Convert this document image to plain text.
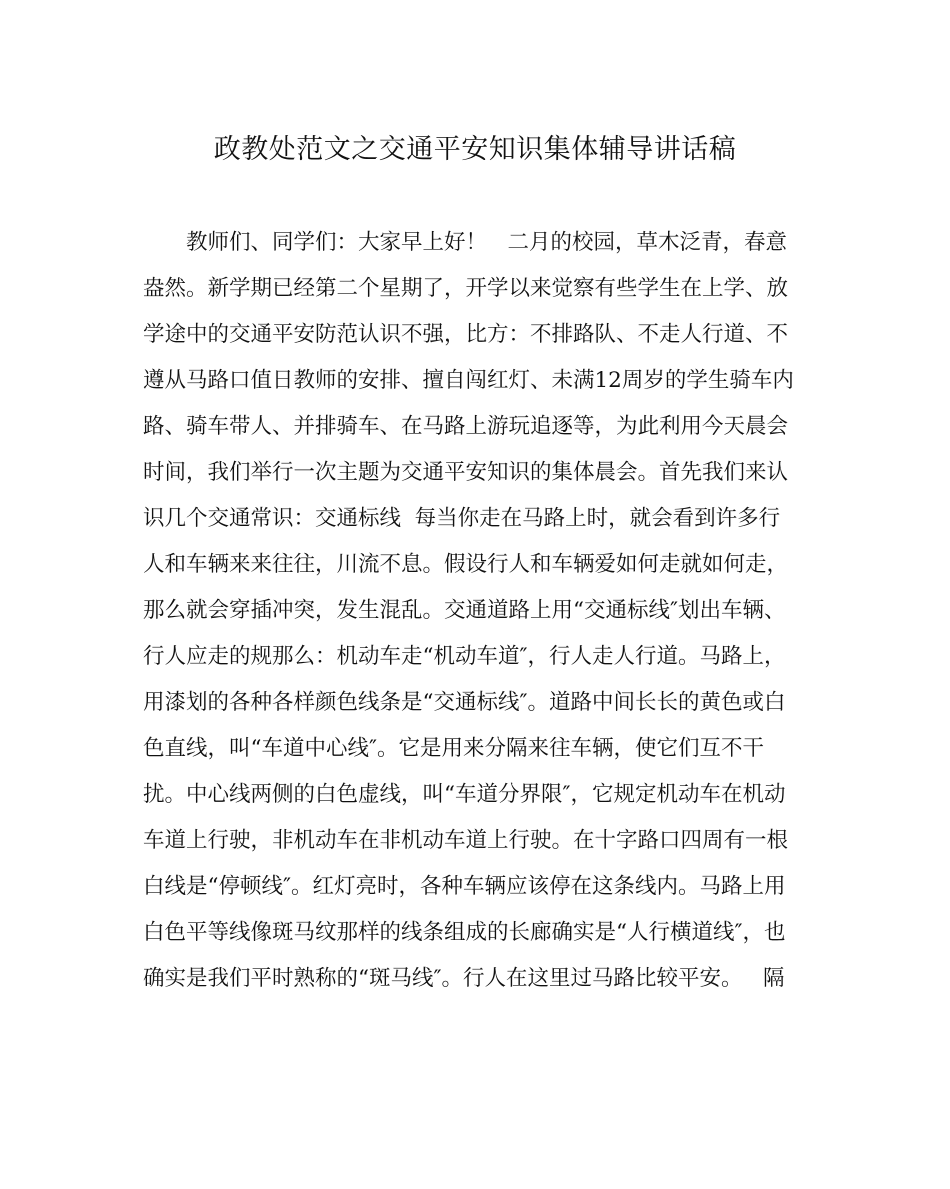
政教处范文之交通平安知识集体辅导讲话稿
教师们、同学们：大家早上好！   二月的校园，草木泛青，春意
盎然。新学期已经第二个星期了，开学以来觉察有些学生在上学、放
学途中的交通平安防范认识不强，比方：不排路队、不走人行道、不
遵从马路口值日教师的安排、擅自闯红灯、未满12周岁的学生骑车内
路、骑车带人、并排骑车、在马路上游玩追逐等，为此利用今天晨会
时间，我们举行一次主题为交通平安知识的集体晨会。首先我们来认
识几个交通常识：交通标线  每当你走在马路上时，就会看到许多行
人和车辆来来往往，川流不息。假设行人和车辆爱如何走就如何走，
那么就会穿插冲突，发生混乱。交通道路上用“交通标线″划出车辆、
行人应走的规那么：机动车走“机动车道″，行人走人行道。马路上，
用漆划的各种各样颜色线条是“交通标线″。道路中间长长的黄色或白
色直线，叫“车道中心线″。它是用来分隔来往车辆，使它们互不干
扰。中心线两侧的白色虚线，叫“车道分界限″，它规定机动车在机动
车道上行驶，非机动车在非机动车道上行驶。在十字路口四周有一根
白线是“停顿线″。红灯亮时，各种车辆应该停在这条线内。马路上用
白色平等线像斑马纹那样的线条组成的长廊确实是“人行横道线″，也
确实是我们平时熟称的“斑马线″。行人在这里过马路比较平安。   隔
